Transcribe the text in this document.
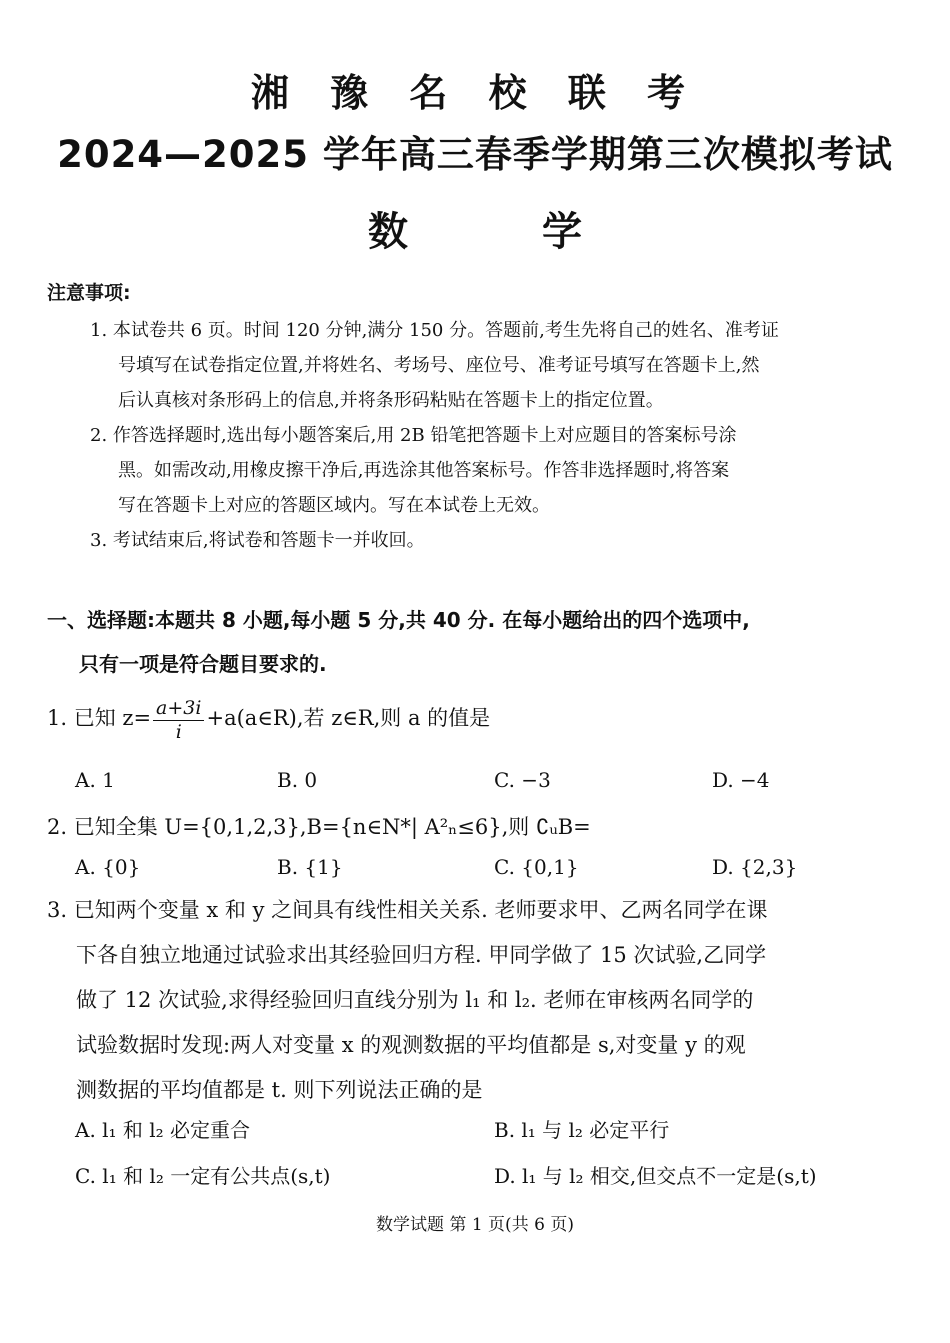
湘 豫 名 校 联 考
2024—2025 学年高三春季学期第三次模拟考试
数 学
注意事项:
1. 本试卷共 6 页。时间 120 分钟,满分 150 分。答题前,考生先将自己的姓名、准考证
号填写在试卷指定位置,并将姓名、考场号、座位号、准考证号填写在答题卡上,然
后认真核对条形码上的信息,并将条形码粘贴在答题卡上的指定位置。
2. 作答选择题时,选出每小题答案后,用 2B 铅笔把答题卡上对应题目的答案标号涂
黑。如需改动,用橡皮擦干净后,再选涂其他答案标号。作答非选择题时,将答案
写在答题卡上对应的答题区域内。写在本试卷上无效。
3. 考试结束后,将试卷和答题卡一并收回。
一、选择题:本题共 8 小题,每小题 5 分,共 40 分. 在每小题给出的四个选项中,
只有一项是符合题目要求的.
1. 已知 $z= \frac{a+3i}{i}$ +a(a∈R),若 z∈R,则 a 的值是
A. 1	B. 0	C. −3	D. −4
2. 已知全集 U={0,1,2,3},B={n∈N*| A²ₙ≤6},则 ∁ᵤB=
A. {0}	B. {1}	C. {0,1}	D. {2,3}
3. 已知两个变量 x 和 y 之间具有线性相关关系. 老师要求甲、乙两名同学在课
下各自独立地通过试验求出其经验回归方程. 甲同学做了 15 次试验,乙同学
做了 12 次试验,求得经验回归直线分别为 l₁ 和 l₂. 老师在审核两名同学的
试验数据时发现:两人对变量 x 的观测数据的平均值都是 s,对变量 y 的观
测数据的平均值都是 t. 则下列说法正确的是
A. l₁ 和 l₂ 必定重合	B. l₁ 与 l₂ 必定平行
C. l₁ 和 l₂ 一定有公共点(s,t)	D. l₁ 与 l₂ 相交,但交点不一定是(s,t)
数学试题 第 1 页(共 6 页)
